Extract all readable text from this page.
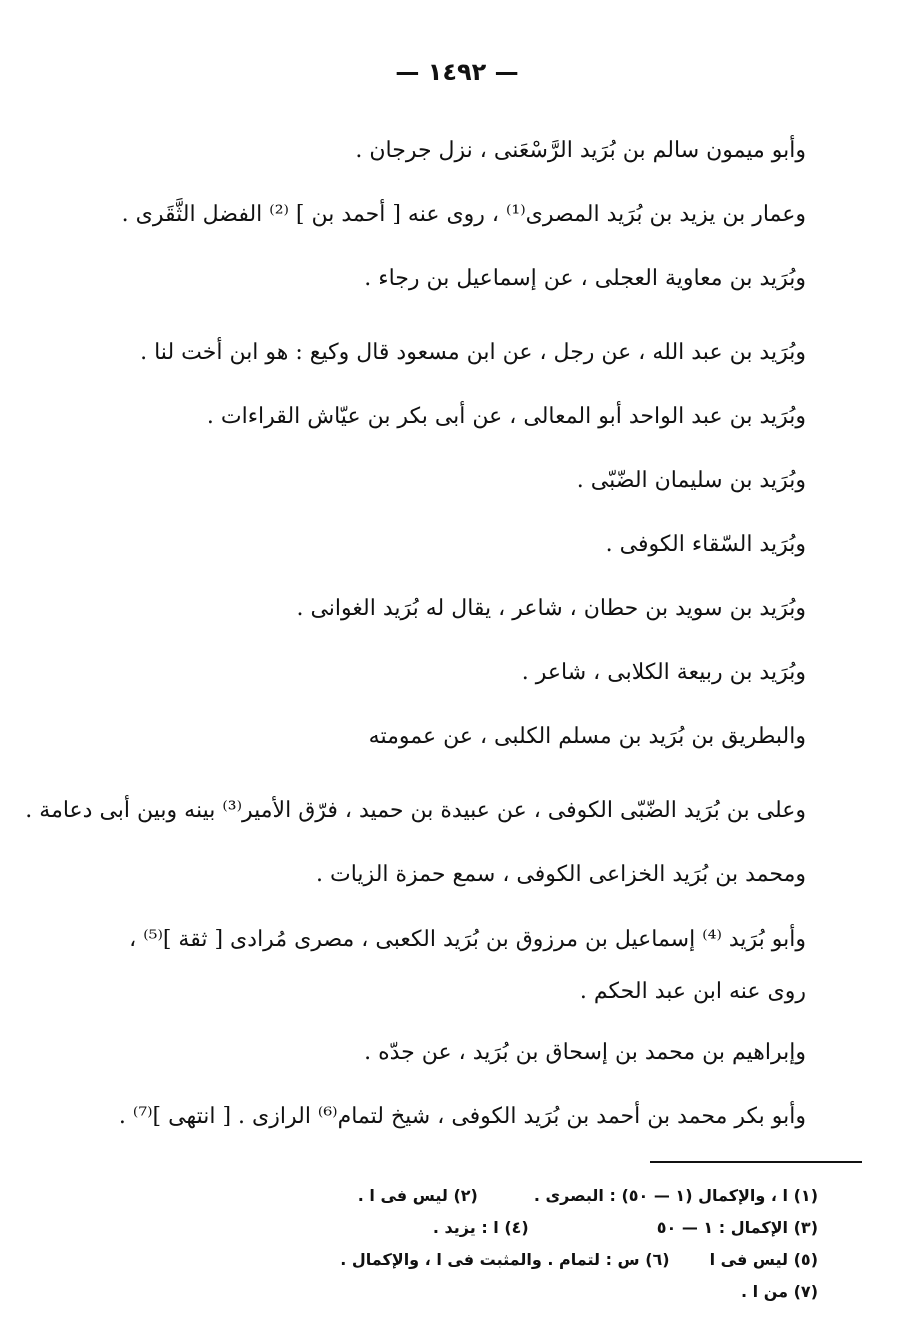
— ١٤٩٢ —
وأبو ميمون سالم بن بُرَيد الرَّسْعَنى ، نزل جرجان .
وعمار بن يزيد بن بُرَيد المصرى⁽¹⁾ ، روى عنه [ أحمد بن ] ⁽²⁾ الفضل الثَّقَرى .
وبُرَيد بن معاوية العجلى ، عن إسماعيل بن رجاء .
وبُرَيد بن عبد الله ، عن رجل ، عن ابن مسعود قال وكيع : هو ابن أخت لنا .
وبُرَيد بن عبد الواحد أبو المعالى ، عن أبى بكر بن عيّاش القراءات .
وبُرَيد بن سليمان الضّبّى .
وبُرَيد السّقاء الكوفى .
وبُرَيد بن سويد بن حطان ، شاعر ، يقال له بُرَيد الغوانى .
وبُرَيد بن ربيعة الكلابى ، شاعر .
والبطريق بن بُرَيد بن مسلم الكلبى ، عن عمومته
وعلى بن بُرَيد الضّبّى الكوفى ، عن عبيدة بن حميد ، فرّق الأمير⁽³⁾ بينه وبين أبى دعامة .
ومحمد بن بُرَيد الخزاعى الكوفى ، سمع حمزة الزيات .
وأبو بُرَيد ⁽⁴⁾ إسماعيل بن مرزوق بن بُرَيد الكعبى ، مصرى مُرادى [ ثقة ]⁽⁵⁾ ، روى عنه ابن عبد الحكم .
وإبراهيم بن محمد بن إسحاق بن بُرَيد ، عن جدّه .
وأبو بكر محمد بن أحمد بن بُرَيد الكوفى ، شيخ لتمام⁽⁶⁾ الرازى . [ انتهى ]⁽⁷⁾ .
(١) ا ، والإكمال (١ — ٥٠) : البصرى .(٢) ليس فى ا .
(٣) الإكمال : ١ — ٥٠(٤) ا : يزيد .
(٥) ليس فى ا(٦) س : لتمام . والمثبت فى ا ، والإكمال .
(٧) من ا .
